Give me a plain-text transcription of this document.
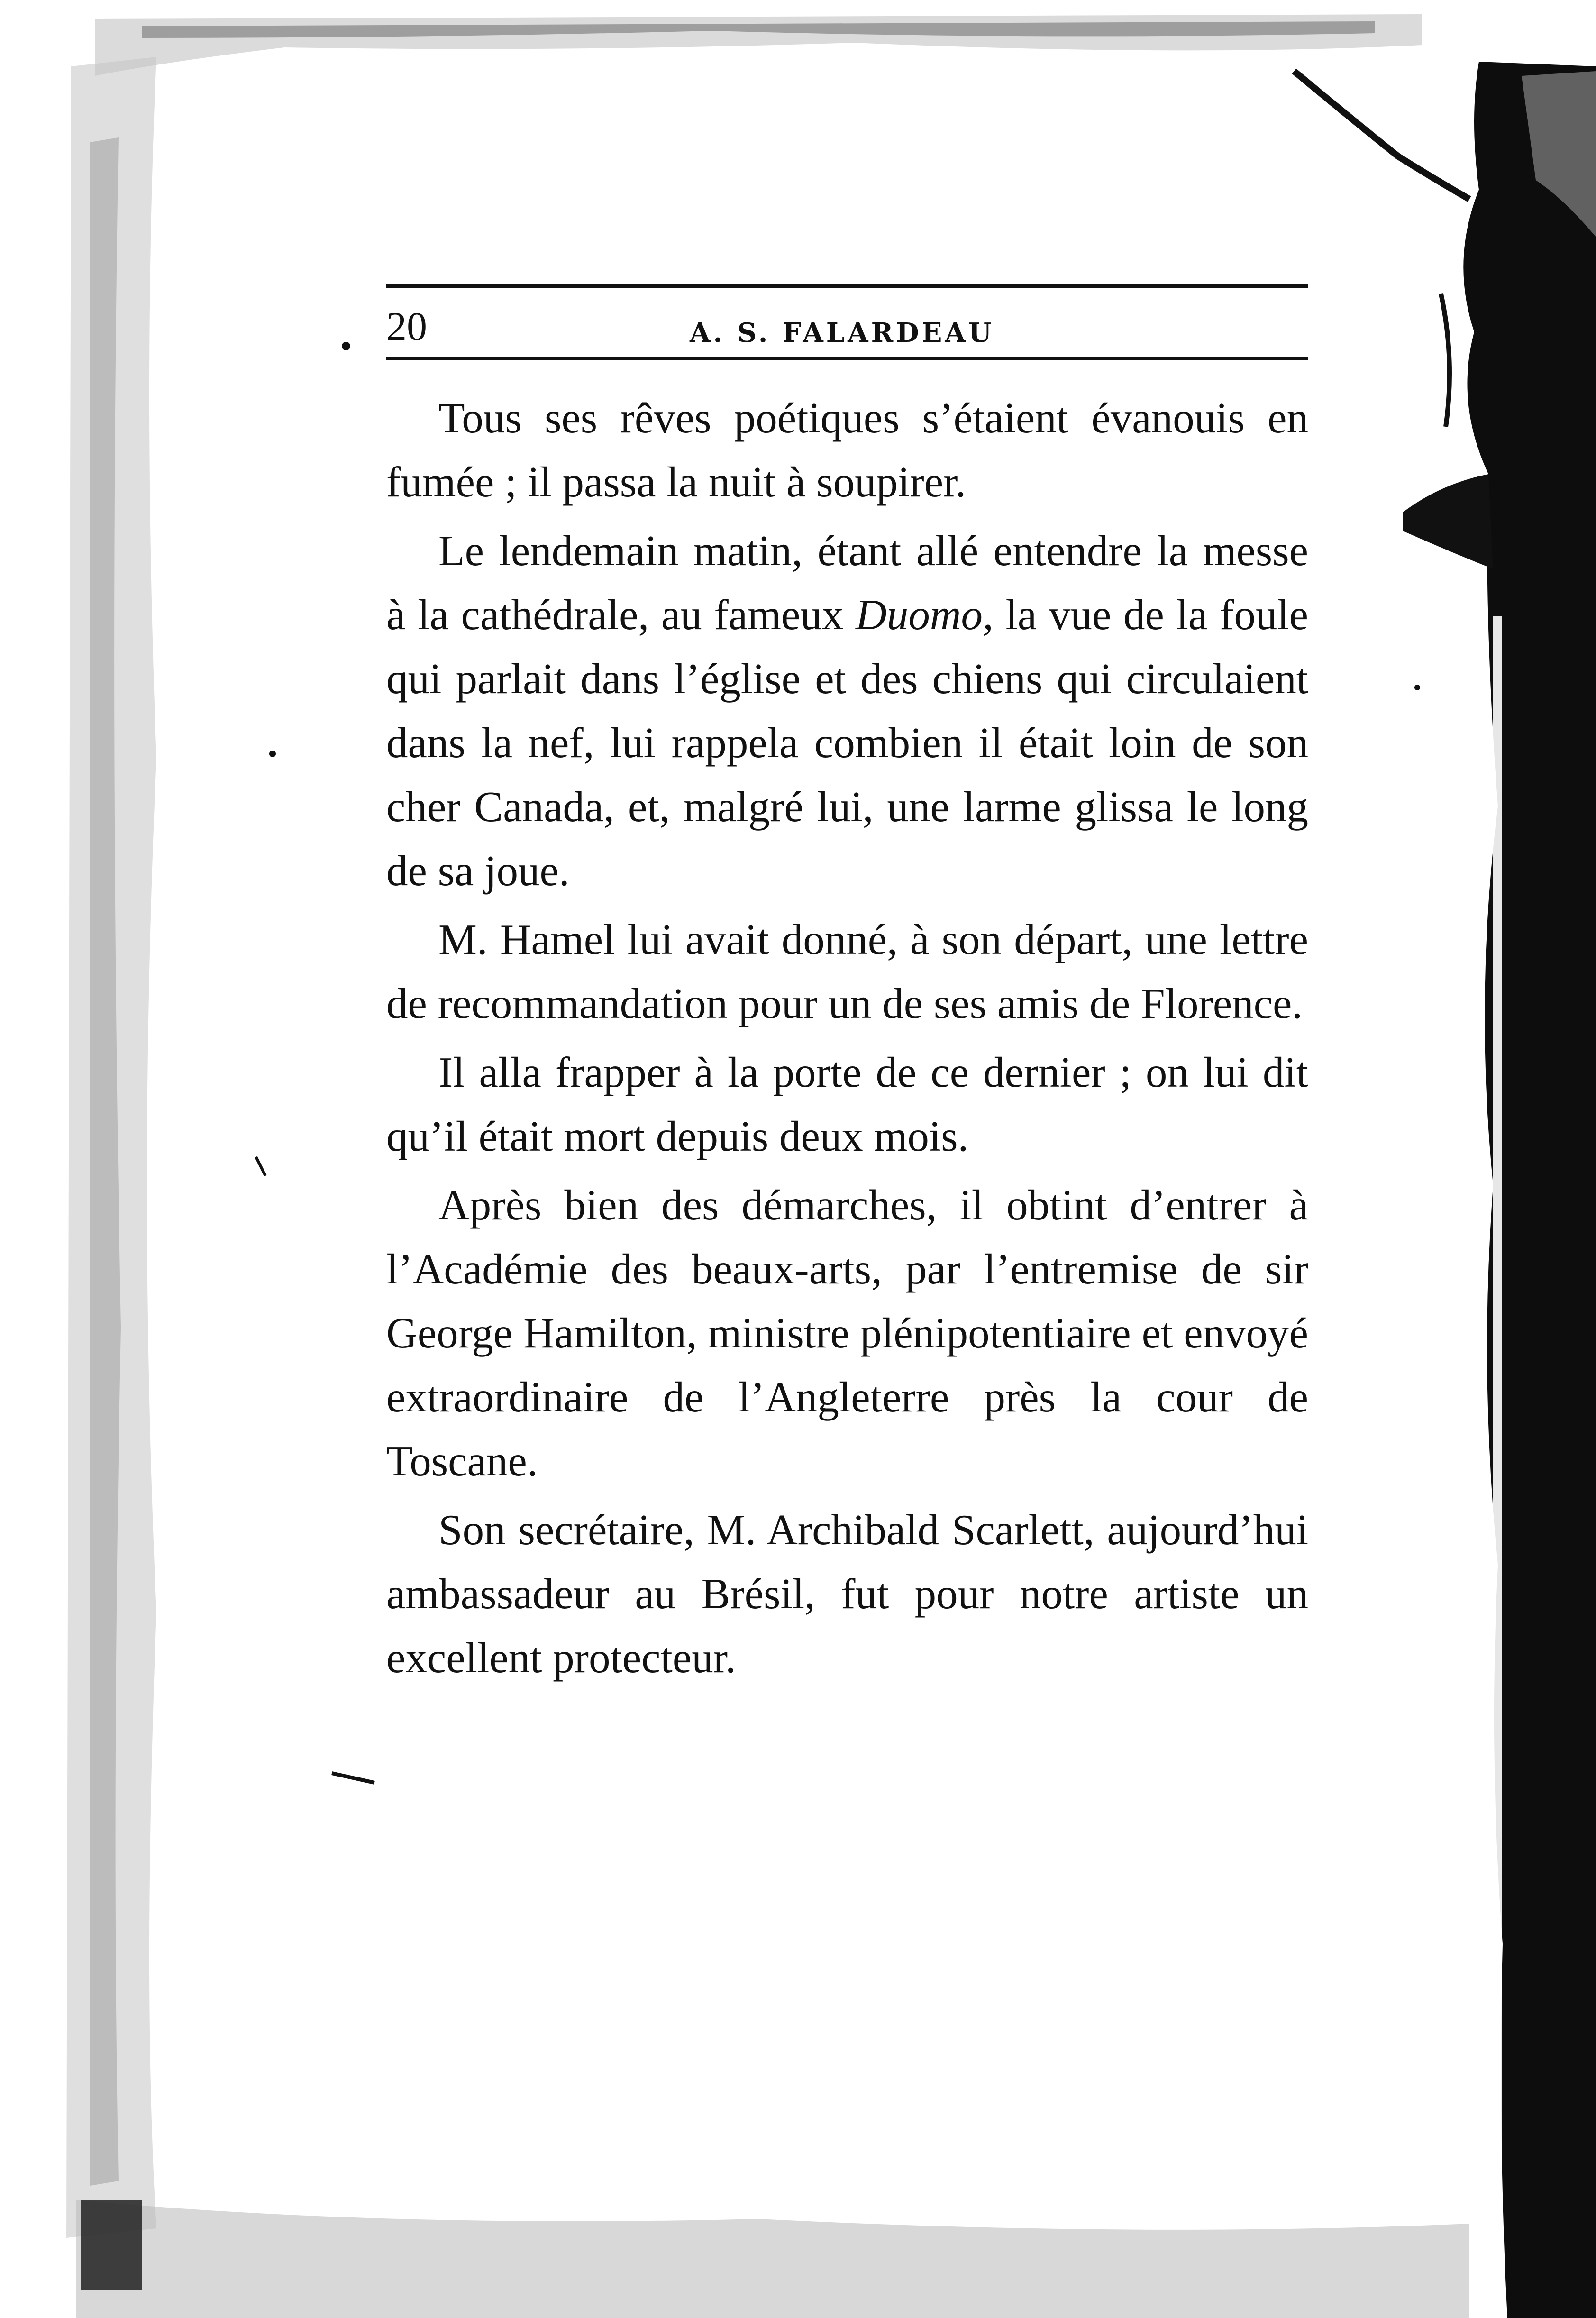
20	A. S. FALARDEAU

Tous ses rêves poétiques s’étaient évanouis en fumée ; il passa la nuit à soupirer.

Le lendemain matin, étant allé entendre la messe à la cathédrale, au fameux Duomo, la vue de la foule qui parlait dans l’église et des chiens qui circulaient dans la nef, lui rappela combien il était loin de son cher Canada, et, malgré lui, une larme glissa le long de sa joue.

M. Hamel lui avait donné, à son départ, une lettre de recommandation pour un de ses amis de Florence.

Il alla frapper à la porte de ce dernier ; on lui dit qu’il était mort depuis deux mois.

Après bien des démarches, il obtint d’entrer à l’Académie des beaux-arts, par l’entremise de sir George Hamilton, ministre plénipotentiaire et envoyé extraordinaire de l’Angleterre près la cour de Toscane.

Son secrétaire, M. Archibald Scarlett, aujourd’hui ambassadeur au Brésil, fut pour notre artiste un excellent protecteur.
